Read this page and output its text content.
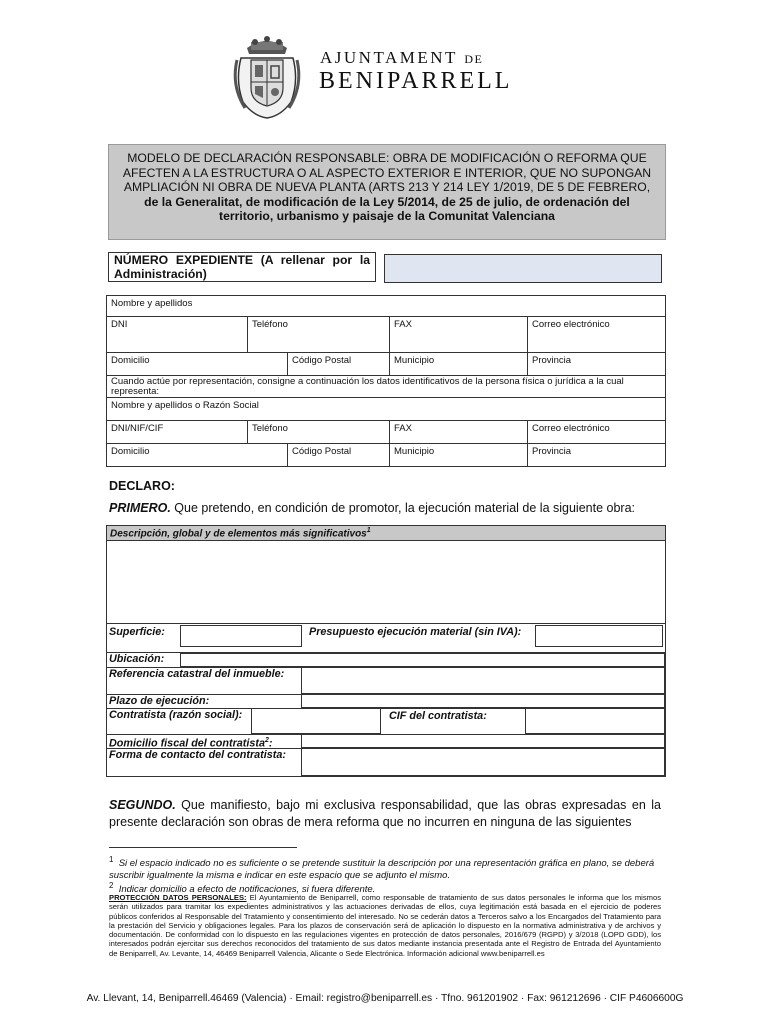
AJUNTAMENT DE
BENIPARRELL
MODELO DE DECLARACIÓN RESPONSABLE: OBRA DE MODIFICACIÓN O REFORMA QUE AFECTEN A LA ESTRUCTURA O AL ASPECTO EXTERIOR E INTERIOR, QUE NO SUPONGAN AMPLIACIÓN NI OBRA DE NUEVA PLANTA (ARTS 213 Y 214 LEY 1/2019, DE 5 DE FEBRERO, de la Generalitat, de modificación de la Ley 5/2014, de 25 de julio, de ordenación del territorio, urbanismo y paisaje de la Comunitat Valenciana
NÚMERO EXPEDIENTE (A rellenar por la Administración)
Nombre y apellidos
DNI	Teléfono	FAX	Correo electrónico
Domicilio	Código Postal	Municipio	Provincia
Cuando actúe por representación, consigne a continuación los datos identificativos de la persona física o jurídica a la cual representa:
Nombre y apellidos o Razón Social
DNI/NIF/CIF	Teléfono	FAX	Correo electrónico
Domicilio	Código Postal	Municipio	Provincia
DECLARO:
PRIMERO. Que pretendo, en condición de promotor, la ejecución material de la siguiente obra:
Descripción, global y de elementos más significativos$^1$
Superficie:	Presupuesto ejecución material (sin IVA):
Ubicación:
Referencia catastral del inmueble:
Plazo de ejecución:
Contratista (razón social):	CIF del contratista:
Domicilio fiscal del contratista$^2$:
Forma de contacto del contratista:
SEGUNDO. Que manifiesto, bajo mi exclusiva responsabilidad, que las obras expresadas en la presente declaración son obras de mera reforma que no incurren en ninguna de las siguientes
$^1$ Si el espacio indicado no es suficiente o se pretende sustituir la descripción por una representación gráfica en plano, se deberá suscribir igualmente la misma e indicar en este espacio que se adjunto el mismo.
$^2$ Indicar domicilio a efecto de notificaciones, si fuera diferente.
PROTECCIÓN DATOS PERSONALES: El Ayuntamiento de Beniparrell, como responsable de tratamiento de sus datos personales le informa que los mismos serán utilizados para tramitar los expedientes administrativos y las actuaciones derivadas de ellos, cuya legitimación está basada en el ejercicio de poderes públicos conferidos al Responsable del Tratamiento y consentimiento del interesado. No se cederán datos a Terceros salvo a los Encargados del Tratamiento para la prestación del Servicio y obligaciones legales. Para los plazos de conservación será de aplicación lo dispuesto en la normativa administrativa y de archivos y documentación. De conformidad con lo dispuesto en las regulaciones vigentes en protección de datos personales, 2016/679 (RGPD) y 3/2018 (LOPD GDD), los interesados podrán ejercitar sus derechos reconocidos del tratamiento de sus datos mediante instancia presentada ante el Registro de Entrada del Ayuntamiento de Beniparrell, Av. Levante, 14, 46469 Beniparrell Valencia, Alicante o Sede Electrónica. Información adicional www.beniparrell.es
Av. Llevant, 14, Beniparrell.46469 (Valencia) · Email: registro@beniparrell.es · Tfno. 961201902 · Fax: 961212696 · CIF P4606600G
